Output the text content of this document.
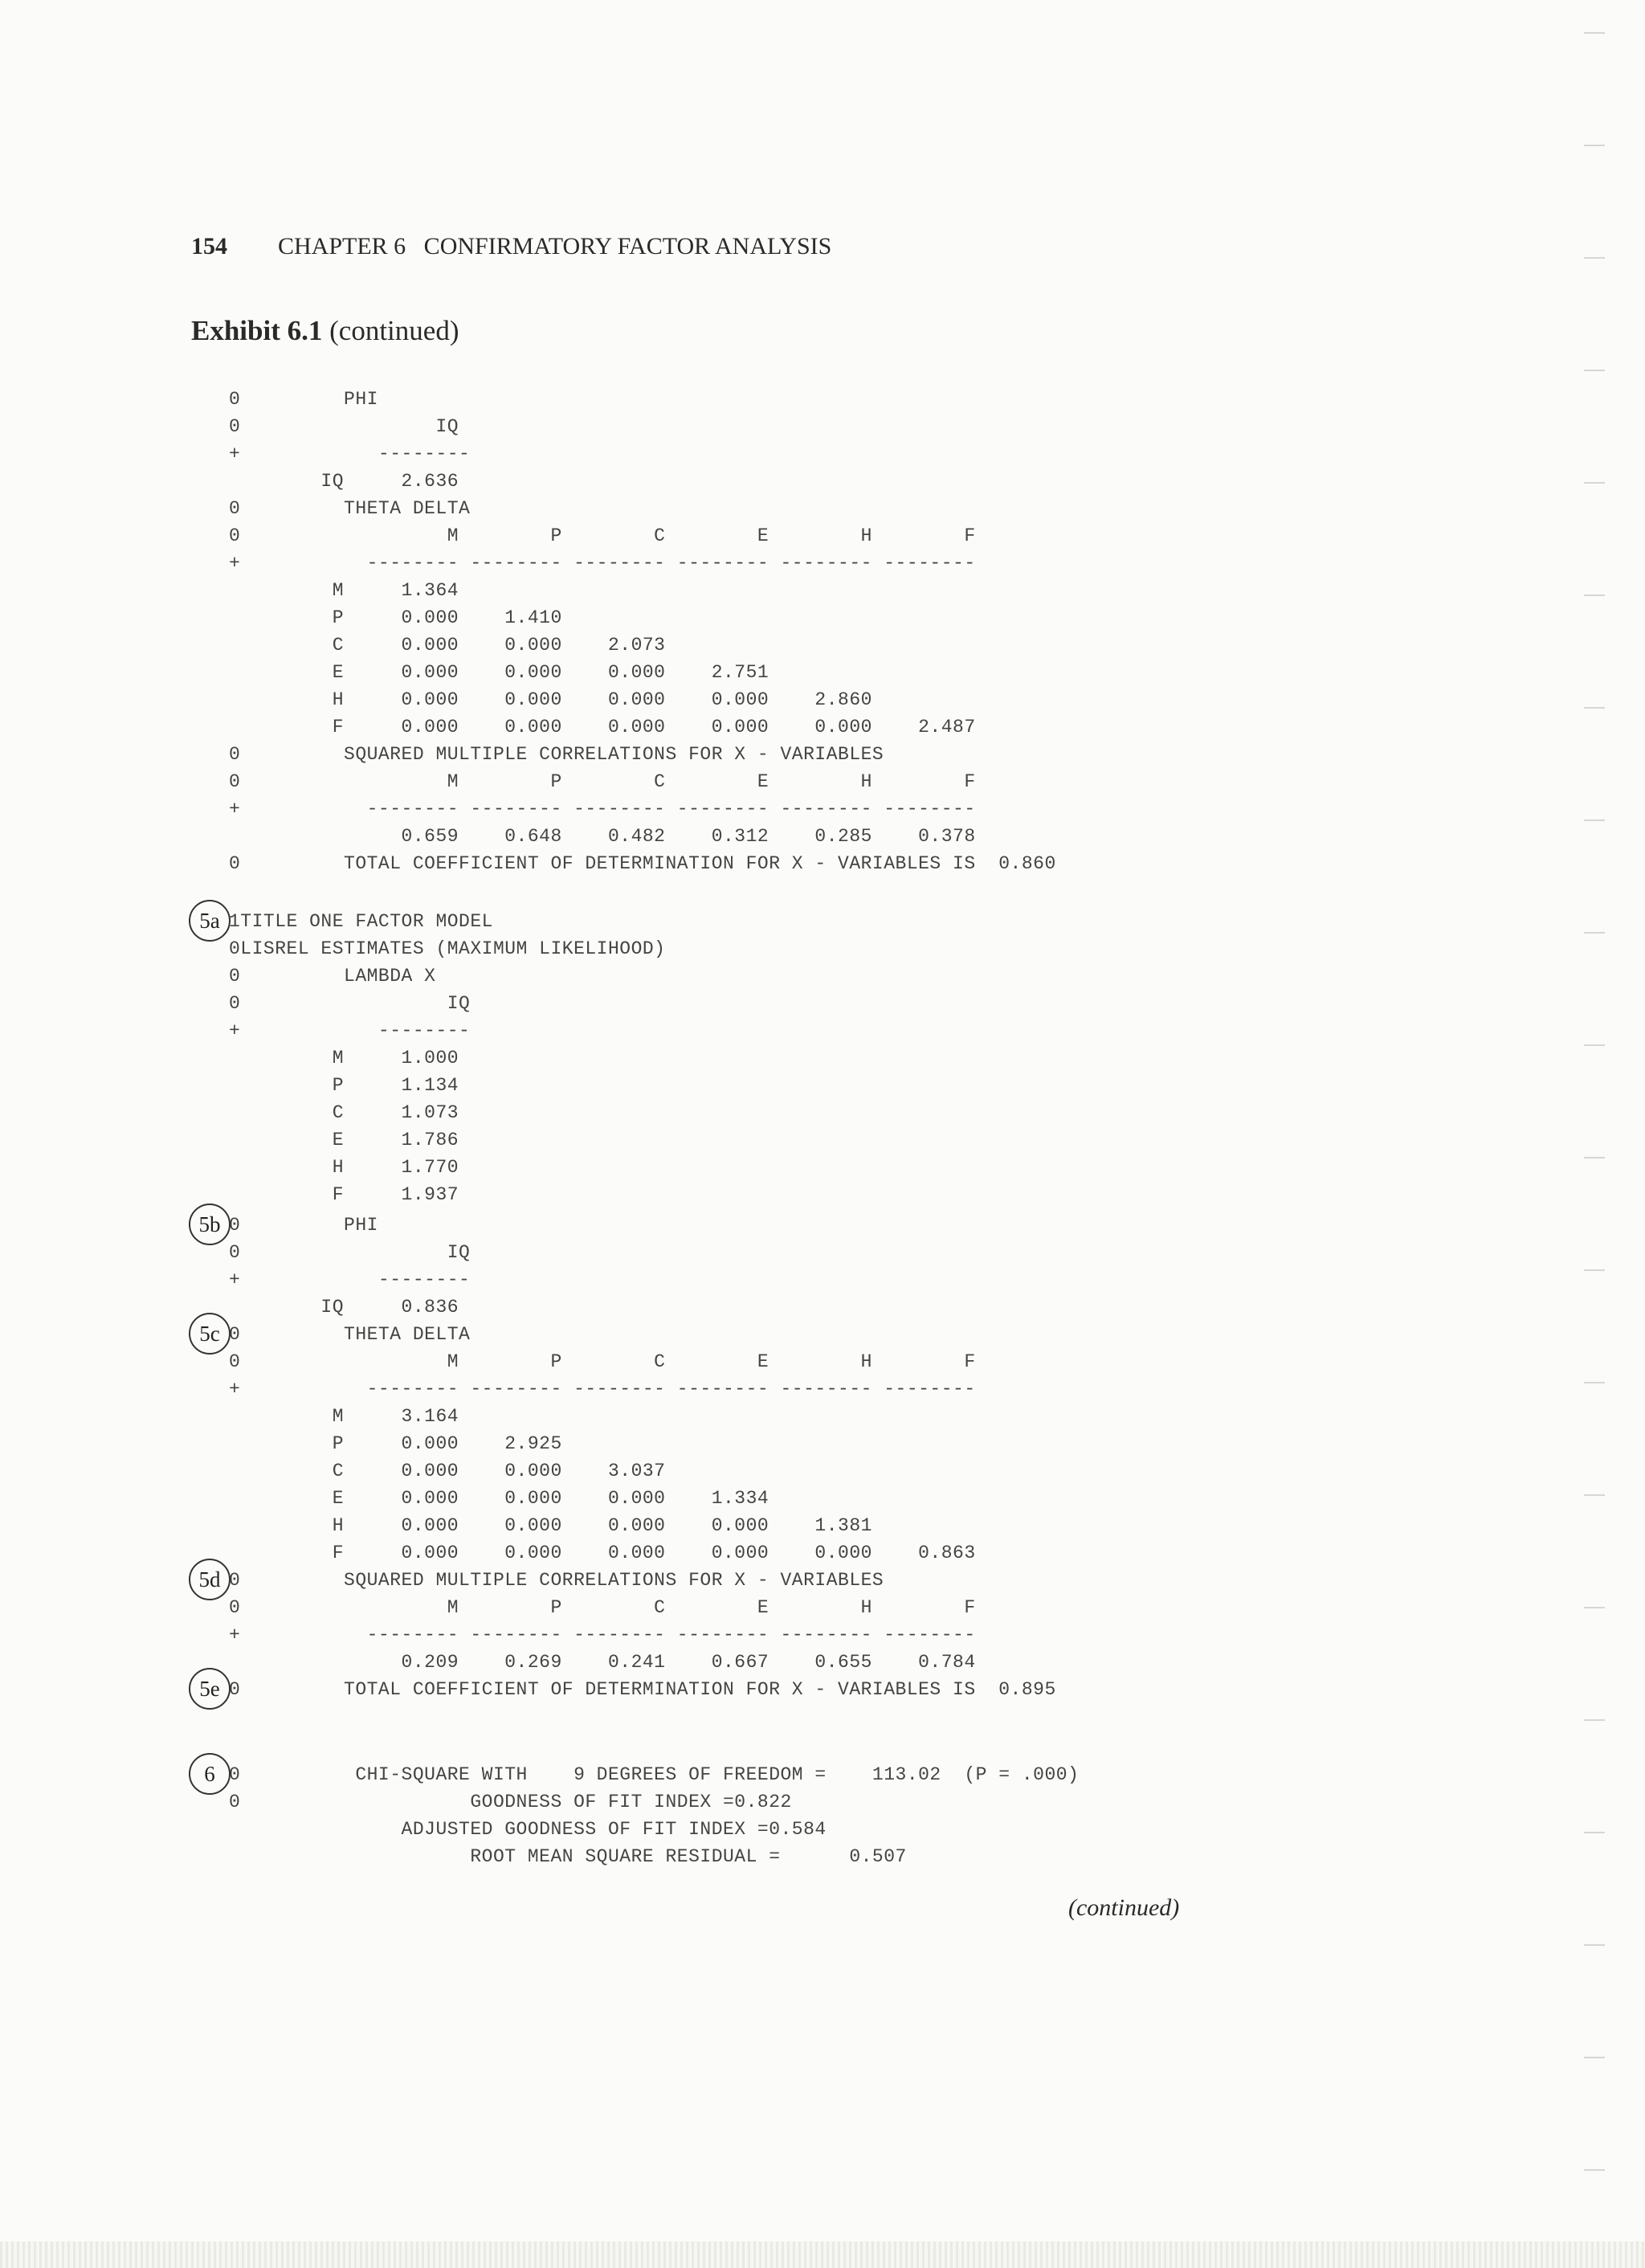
154 CHAPTER 6   CONFIRMATORY FACTOR ANALYSIS
Exhibit 6.1 (continued)
0         PHI
0                 IQ
+            --------
IQ     2.636
0         THETA DELTA
0                  M        P        C        E        H        F
+           -------- -------- -------- -------- -------- --------
M     1.364
P     0.000    1.410
C     0.000    0.000    2.073
E     0.000    0.000    0.000    2.751
H     0.000    0.000    0.000    0.000    2.860
F     0.000    0.000    0.000    0.000    0.000    2.487
0         SQUARED MULTIPLE CORRELATIONS FOR X - VARIABLES
0                  M        P        C        E        H        F
+           -------- -------- -------- -------- -------- --------
0.659    0.648    0.482    0.312    0.285    0.378
0         TOTAL COEFFICIENT OF DETERMINATION FOR X - VARIABLES IS  0.860
1TITLE ONE FACTOR MODEL
0LISREL ESTIMATES (MAXIMUM LIKELIHOOD)
0         LAMBDA X
0                  IQ
+            --------
M     1.000
P     1.134
C     1.073
E     1.786
H     1.770
F     1.937
0         PHI
0                  IQ
+            --------
IQ     0.836
0         THETA DELTA
0                  M        P        C        E        H        F
+           -------- -------- -------- -------- -------- --------
M     3.164
P     0.000    2.925
C     0.000    0.000    3.037
E     0.000    0.000    0.000    1.334
H     0.000    0.000    0.000    0.000    1.381
F     0.000    0.000    0.000    0.000    0.000    0.863
0         SQUARED MULTIPLE CORRELATIONS FOR X - VARIABLES
0                  M        P        C        E        H        F
+           -------- -------- -------- -------- -------- --------
0.209    0.269    0.241    0.667    0.655    0.784
0         TOTAL COEFFICIENT OF DETERMINATION FOR X - VARIABLES IS  0.895
0          CHI-SQUARE WITH    9 DEGREES OF FREEDOM =    113.02  (P = .000)
0                    GOODNESS OF FIT INDEX =0.822
ADJUSTED GOODNESS OF FIT INDEX =0.584
ROOT MEAN SQUARE RESIDUAL =      0.507
5a
5b
5c
5d
5e
6
(continued)
